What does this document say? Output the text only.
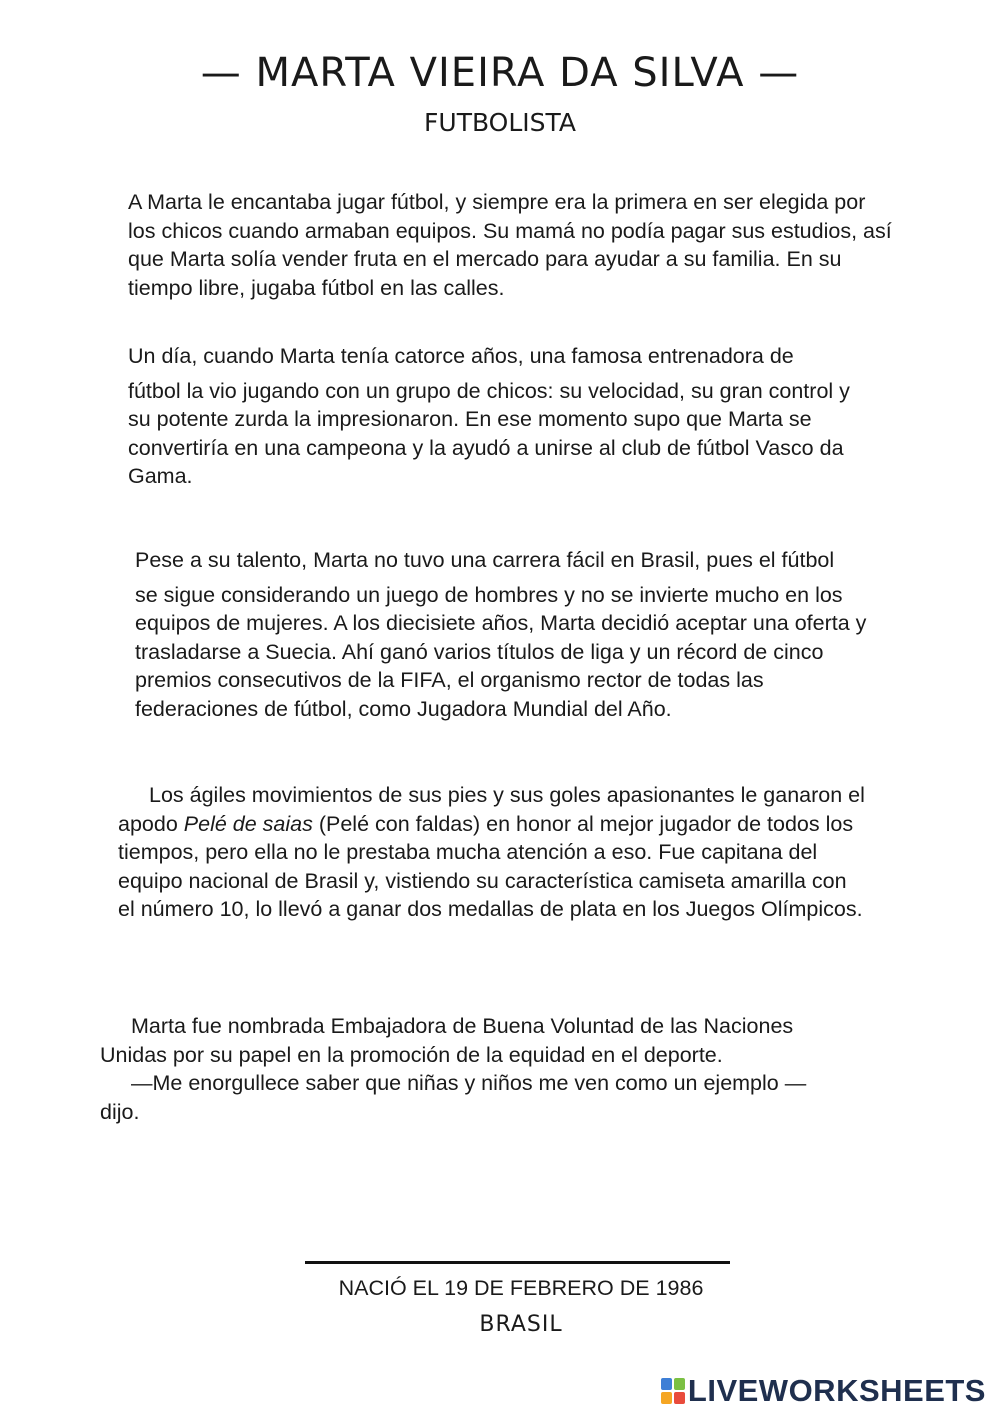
— MARTA VIEIRA DA SILVA —
FUTBOLISTA

A Marta le encantaba jugar fútbol, y siempre era la primera en ser elegida por
los chicos cuando armaban equipos. Su mamá no podía pagar sus estudios, así
que Marta solía vender fruta en el mercado para ayudar a su familia. En su
tiempo libre, jugaba fútbol en las calles.

Un día, cuando Marta tenía catorce años, una famosa entrenadora de
fútbol la vio jugando con un grupo de chicos: su velocidad, su gran control y
su potente zurda la impresionaron. En ese momento supo que Marta se
convertiría en una campeona y la ayudó a unirse al club de fútbol Vasco da
Gama.

Pese a su talento, Marta no tuvo una carrera fácil en Brasil, pues el fútbol
se sigue considerando un juego de hombres y no se invierte mucho en los
equipos de mujeres. A los diecisiete años, Marta decidió aceptar una oferta y
trasladarse a Suecia. Ahí ganó varios títulos de liga y un récord de cinco
premios consecutivos de la FIFA, el organismo rector de todas las
federaciones de fútbol, como Jugadora Mundial del Año.

Los ágiles movimientos de sus pies y sus goles apasionantes le ganaron el
apodo Pelé de saias (Pelé con faldas) en honor al mejor jugador de todos los
tiempos, pero ella no le prestaba mucha atención a eso. Fue capitana del
equipo nacional de Brasil y, vistiendo su característica camiseta amarilla con
el número 10, lo llevó a ganar dos medallas de plata en los Juegos Olímpicos.

Marta fue nombrada Embajadora de Buena Voluntad de las Naciones
Unidas por su papel en la promoción de la equidad en el deporte.
—Me enorgullece saber que niñas y niños me ven como un ejemplo —
dijo.

NACIÓ EL 19 DE FEBRERO DE 1986
BRASIL
LIVEWORKSHEETS
